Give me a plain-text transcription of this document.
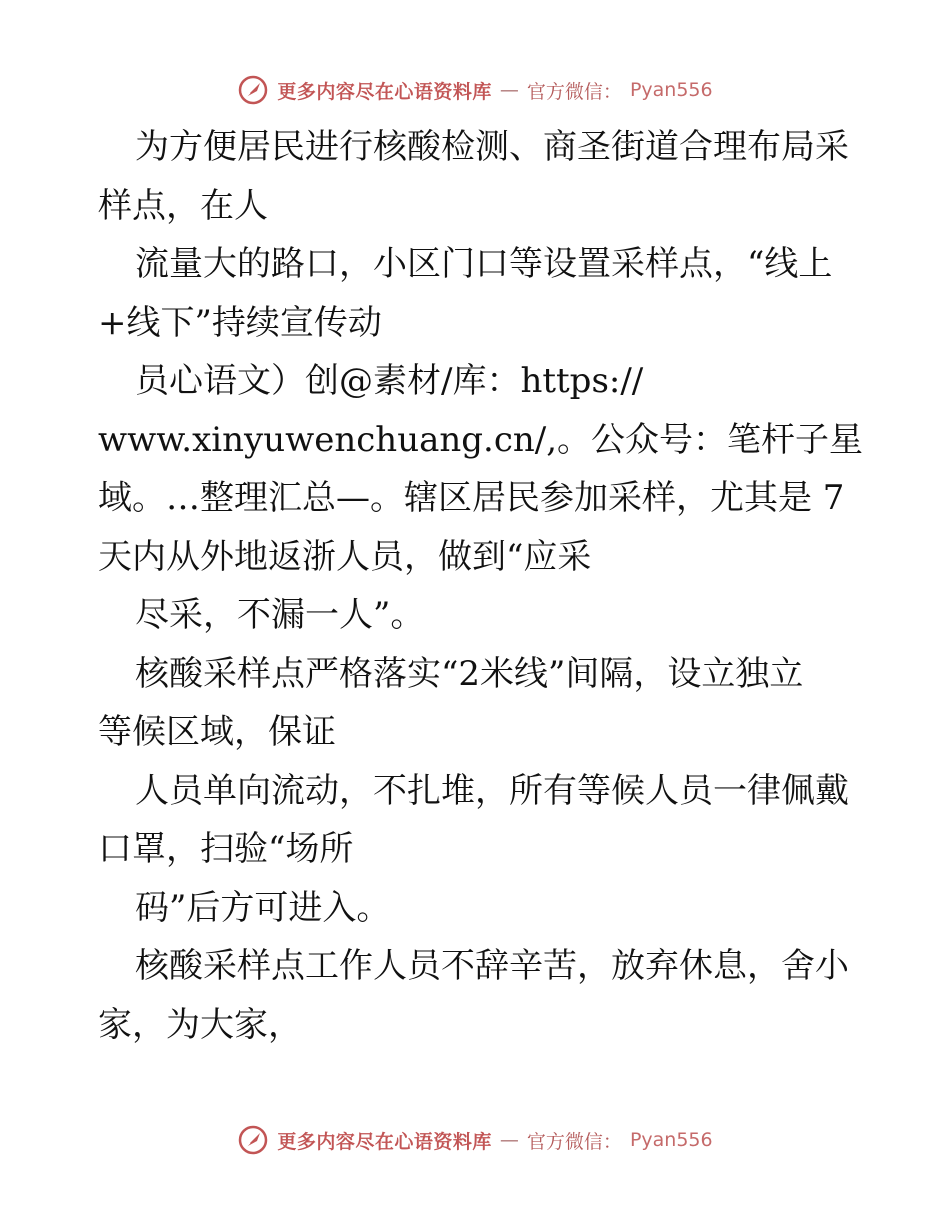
更多内容尽在心语资料库 — 官方微信： Pyan556
为方便居民进行核酸检测、商圣街道合理布局采
样点，在人
流量大的路口，小区门口等设置采样点，“线上
+线下”持续宣传动
员心语文）创@素材/库：https://
www.xinyuwenchuang.cn/,。公众号：笔杆子星
域。…整理汇总—。辖区居民参加采样，尤其是 7
天内从外地返浙人员，做到“应采
尽采，不漏一人”。
核酸采样点严格落实“2米线”间隔，设立独立
等候区域，保证
人员单向流动，不扎堆，所有等候人员一律佩戴
口罩，扫验“场所
码”后方可进入。
核酸采样点工作人员不辞辛苦，放弃休息，舍小
家，为大家，
更多内容尽在心语资料库 — 官方微信： Pyan556
